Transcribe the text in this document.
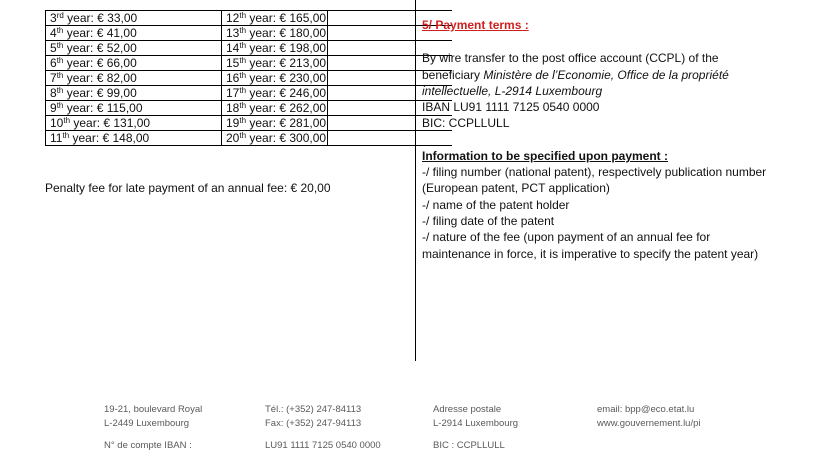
3rd year: € 33,00	12th year: € 165,00	
4th year: € 41,00	13th year: € 180,00	
5th year: € 52,00	14th year: € 198,00	
6th year: € 66,00	15th year: € 213,00	
7th year: € 82,00	16th year: € 230,00	
8th year: € 99,00	17th year: € 246,00	
9th year: € 115,00	18th year: € 262,00	
10th year: € 131,00	19th year: € 281,00	
11th year: € 148,00	20th year: € 300,00	
Penalty fee for late payment of an annual fee: € 20,00

5/ Payment terms :

By wire transfer to the post office account (CCPL) of the

beneficiary Ministère de l’Economie, Office de la propriété

intellectuelle, L-2914 Luxembourg

IBAN LU91 1111 7125 0540 0000

BIC: CCPLLULL

Information to be specified upon payment :

-/ filing number (national patent), respectively publication number

(European patent, PCT application)

-/ name of the patent holder

-/ filing date of the patent

-/ nature of the fee (upon payment of an annual fee for

maintenance in force, it is imperative to specify the patent year)

19-21, boulevard Royal

L-2449 Luxembourg

N° de compte IBAN :

Tél.: (+352) 247-84113

Fax: (+352) 247-94113

LU91 1111 7125 0540 0000

Adresse postale

L-2914 Luxembourg

BIC : CCPLLULL

email: bpp@eco.etat.lu

www.gouvernement.lu/pi
